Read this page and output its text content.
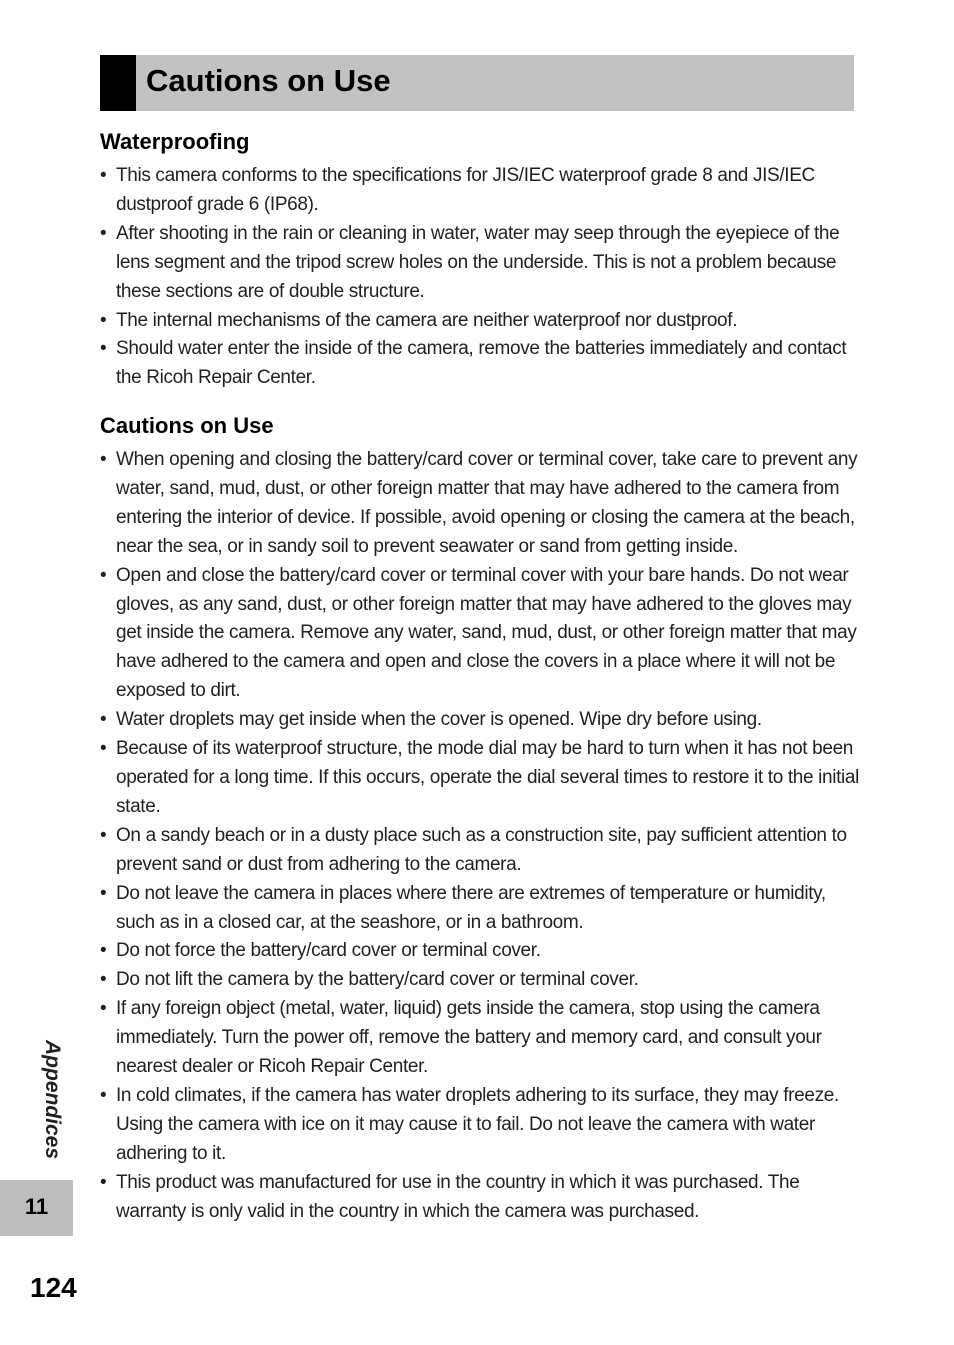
Cautions on Use
Waterproofing
• This camera conforms to the specifications for JIS/IEC waterproof grade 8 and JIS/IEC dustproof grade 6 (IP68).
• After shooting in the rain or cleaning in water, water may seep through the eyepiece of the lens segment and the tripod screw holes on the underside. This is not a problem because these sections are of double structure.
• The internal mechanisms of the camera are neither waterproof nor dustproof.
• Should water enter the inside of the camera, remove the batteries immediately and contact the Ricoh Repair Center.
Cautions on Use
• When opening and closing the battery/card cover or terminal cover, take care to prevent any water, sand, mud, dust, or other foreign matter that may have adhered to the camera from entering the interior of device. If possible, avoid opening or closing the camera at the beach, near the sea, or in sandy soil to prevent seawater or sand from getting inside.
• Open and close the battery/card cover or terminal cover with your bare hands. Do not wear gloves, as any sand, dust, or other foreign matter that may have adhered to the gloves may get inside the camera. Remove any water, sand, mud, dust, or other foreign matter that may have adhered to the camera and open and close the covers in a place where it will not be exposed to dirt.
• Water droplets may get inside when the cover is opened. Wipe dry before using.
• Because of its waterproof structure, the mode dial may be hard to turn when it has not been operated for a long time. If this occurs, operate the dial several times to restore it to the initial state.
• On a sandy beach or in a dusty place such as a construction site, pay sufficient attention to prevent sand or dust from adhering to the camera.
• Do not leave the camera in places where there are extremes of temperature or humidity, such as in a closed car, at the seashore, or in a bathroom.
• Do not force the battery/card cover or terminal cover.
• Do not lift the camera by the battery/card cover or terminal cover.
• If any foreign object (metal, water, liquid) gets inside the camera, stop using the camera immediately. Turn the power off, remove the battery and memory card, and consult your nearest dealer or Ricoh Repair Center.
• In cold climates, if the camera has water droplets adhering to its surface, they may freeze. Using the camera with ice on it may cause it to fail. Do not leave the camera with water adhering to it.
• This product was manufactured for use in the country in which it was purchased. The warranty is only valid in the country in which the camera was purchased.
Appendices
11
124
